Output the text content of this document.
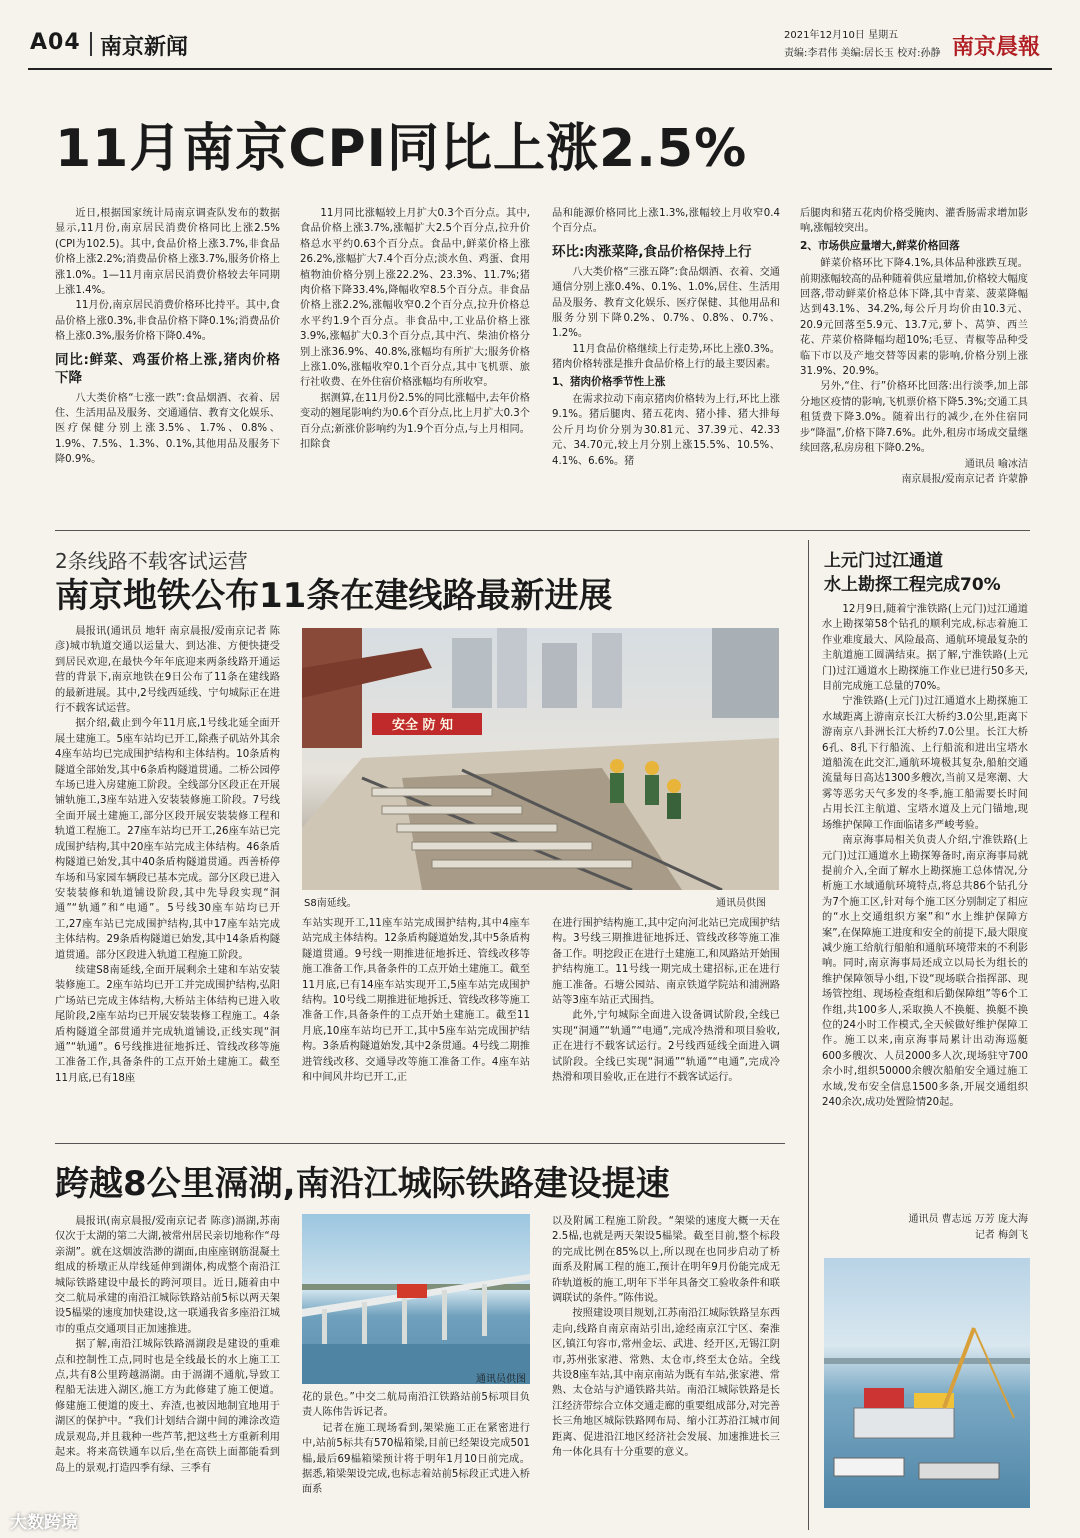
A04 南京新闻	2021年12月10日 星期五
责编:李君伟 美编:居长玉 校对:孙静 南京晨報
11月南京CPI同比上涨2.5%

近日,根据国家统计局南京调查队发布的数据显示,11月份,南京居民消费价格同比上涨2.5%(CPI为102.5)。其中,食品价格上涨3.7%,非食品价格上涨2.2%;消费品价格上涨3.7%,服务价格上涨1.0%。1—11月南京居民消费价格较去年同期上涨1.4%。

11月份,南京居民消费价格环比持平。其中,食品价格上涨0.3%,非食品价格下降0.1%;消费品价格上涨0.3%,服务价格下降0.4%。

同比:鲜菜、鸡蛋价格上涨,猪肉价格下降

八大类价格“七涨一跌”:食品烟酒、衣着、居住、生活用品及服务、交通通信、教育文化娱乐、医疗保健分别上涨3.5%、1.7%、0.8%、1.9%、7.5%、1.3%、0.1%,其他用品及服务下降0.9%。

11月同比涨幅较上月扩大0.3个百分点。其中,食品价格上涨3.7%,涨幅扩大2.5个百分点,拉升价格总水平约0.63个百分点。食品中,鲜菜价格上涨26.2%,涨幅扩大7.4个百分点;淡水鱼、鸡蛋、食用植物油价格分别上涨22.2%、23.3%、11.7%;猪肉价格下降33.4%,降幅收窄8.5个百分点。非食品价格上涨2.2%,涨幅收窄0.2个百分点,拉升价格总水平约1.9个百分点。非食品中,工业品价格上涨3.9%,涨幅扩大0.3个百分点,其中汽、柴油价格分别上涨36.9%、40.8%,涨幅均有所扩大;服务价格上涨1.0%,涨幅收窄0.1个百分点,其中飞机票、旅行社收费、在外住宿价格涨幅均有所收窄。

据测算,在11月份2.5%的同比涨幅中,去年价格变动的翘尾影响约为0.6个百分点,比上月扩大0.3个百分点;新涨价影响约为1.9个百分点,与上月相同。扣除食

品和能源价格同比上涨1.3%,涨幅较上月收窄0.4个百分点。

环比:肉涨菜降,食品价格保持上行

八大类价格“三涨五降”:食品烟酒、衣着、交通通信分别上涨0.4%、0.1%、1.0%,居住、生活用品及服务、教育文化娱乐、医疗保健、其他用品和服务分别下降0.2%、0.7%、0.8%、0.7%、1.2%。

11月食品价格继续上行走势,环比上涨0.3%。猪肉价格转涨是推升食品价格上行的最主要因素。

1、猪肉价格季节性上涨

在需求拉动下南京猪肉价格转为上行,环比上涨9.1%。猪后腿肉、猪五花肉、猪小排、猪大排每公斤月均价分别为30.81元、37.39元、42.33元、34.70元,较上月分别上涨15.5%、10.5%、4.1%、6.6%。猪

后腿肉和猪五花肉价格受腌肉、灌香肠需求增加影响,涨幅较突出。

2、市场供应量增大,鲜菜价格回落

鲜菜价格环比下降4.1%,具体品种涨跌互现。前期涨幅较高的品种随着供应量增加,价格较大幅度回落,带动鲜菜价格总体下降,其中青菜、菠菜降幅达到43.1%、34.2%,每公斤月均价由10.3元、20.9元回落至5.9元、13.7元,萝卜、莴笋、西兰花、芹菜价格降幅均超10%;毛豆、青椒等品种受临下市以及产地交替等因素的影响,价格分别上涨31.9%、20.9%。

另外,“住、行”价格环比回落:出行淡季,加上部分地区疫情的影响,飞机票价格下降5.3%;交通工具租赁费下降3.0%。随着出行的减少,在外住宿同步“降温”,价格下降7.6%。此外,租房市场成交量继续回落,私房房租下降0.2%。

通讯员 喻冰洁
南京晨报/爱南京记者 许蒙静
2条线路不载客试运营
南京地铁公布11条在建线路最新进展

晨报讯(通讯员 地轩 南京晨报/爱南京记者 陈彦)城市轨道交通以运量大、到达准、方便快捷受到居民欢迎,在最快今年年底迎来两条线路开通运营的背景下,南京地铁在9日公布了11条在建线路的最新进展。其中,2号线西延线、宁句城际正在进行不载客试运营。

据介绍,截止到今年11月底,1号线北延全面开展土建施工。5座车站均已开工,除燕子矶站外其余4座车站均已完成围护结构和主体结构。10条盾构隧道全部始发,其中6条盾构隧道贯通。二桥公园停车场已进入房建施工阶段。全线部分区段正在开展铺轨施工,3座车站进入安装装修施工阶段。7号线全面开展土建施工,部分区段开展安装装修工程和轨道工程施工。27座车站均已开工,26座车站已完成围护结构,其中20座车站完成主体结构。46条盾构隧道已始发,其中40条盾构隧道贯通。西善桥停车场和马家园车辆段已基本完成。部分区段已进入安装装修和轨道铺设阶段,其中先导段实现“洞通”“轨通”和“电通”。5号线30座车站均已开工,27座车站已完成围护结构,其中17座车站完成主体结构。29条盾构隧道已始发,其中14条盾构隧道贯通。部分区段进入轨道工程施工阶段。

续建S8南延线,全面开展剩余土建和车站安装装修施工。2座车站均已开工并完成围护结构,弘阳广场站已完成主体结构,大桥站主体结构已进入收尾阶段,2座车站均已开展安装装修工程施工。4条盾构隧道全部贯通并完成轨道铺设,正线实现“洞通”“轨通”。6号线推进征地拆迁、管线改移等施工准备工作,具备条件的工点开始土建施工。截至11月底,已有18座

安全 防 知
S8南延线。	通讯员供图

车站实现开工,11座车站完成围护结构,其中4座车站完成主体结构。12条盾构隧道始发,其中5条盾构隧道贯通。9号线一期推进征地拆迁、管线改移等施工准备工作,具备条件的工点开始土建施工。截至11月底,已有14座车站实现开工,5座车站完成围护结构。10号线二期推进征地拆迁、管线改移等施工准备工作,具备条件的工点开始土建施工。截至11月底,10座车站均已开工,其中5座车站完成围护结构。3条盾构隧道始发,其中2条贯通。4号线二期推进管线改移、交通导改等施工准备工作。4座车站和中间风井均已开工,正

在进行围护结构施工,其中定向河北站已完成围护结构。3号线三期推进征地拆迁、管线改移等施工准备工作。明挖段正在进行土建施工,和凤路站开始围护结构施工。11号线一期完成土建招标,正在进行施工准备。石塘公园站、南京铁道学院站和浦洲路站等3座车站正式围挡。

此外,宁句城际全面进入设备调试阶段,全线已实现“洞通”“轨通”“电通”,完成冷热滑和项目验收,正在进行不载客试运行。2号线西延线全面进入调试阶段。全线已实现“洞通”“轨通”“电通”,完成冷热滑和项目验收,正在进行不载客试运行。

跨越8公里滆湖,南沿江城际铁路建设提速

晨报讯(南京晨报/爱南京记者 陈彦)滆湖,苏南仅次于太湖的第二大湖,被常州居民亲切地称作“母亲湖”。就在这烟波浩渺的湖面,由座座钢筋混凝土组成的桥墩正从岸线延伸到湖体,构成整个南沿江城际铁路建设中最长的跨河项目。近日,随着由中交二航局承建的南沿江城际铁路站前5标以两天架设5榀梁的速度加快建设,这一联通我省多座沿江城市的重点交通项目正加速推进。

据了解,南沿江城际铁路滆湖段是建设的重难点和控制性工点,同时也是全线最长的水上施工工点,共有8公里跨越滆湖。由于滆湖不通航,导致工程船无法进入湖区,施工方为此修建了施工便道。修建施工便道的废土、弃渣,也被因地制宜地用于湖区的保护中。“我们计划结合湖中间的滩涂改造成景观岛,并且栽种一些芦苇,把这些土方重新利用起来。将来高铁通车以后,坐在高铁上面都能看到岛上的景观,打造四季有绿、三季有

通讯员供图

花的景色。”中交二航局南沿江铁路站前5标项目负责人陈伟告诉记者。

记者在施工现场看到,架梁施工正在紧密进行中,站前5标共有570榀箱梁,目前已经架设完成501榀,最后69榀箱梁预计将于明年1月10日前完成。据悉,箱梁架设完成,也标志着站前5标段正式进入桥面系

以及附属工程施工阶段。“架梁的速度大概一天在2.5榀,也就是两天架设5榀梁。截至目前,整个标段的完成比例在85%以上,所以现在也同步启动了桥面系及附属工程的施工,预计在明年9月份能完成无砟轨道板的施工,明年下半年具备交工验收条件和联调联试的条件。”陈伟说。

按照建设项目规划,江苏南沿江城际铁路呈东西走向,线路自南京南站引出,途经南京江宁区、秦淮区,镇江句容市,常州金坛、武进、经开区,无锡江阴市,苏州张家港、常熟、太仓市,终至太仓站。全线共设8座车站,其中南京南站为既有车站,张家港、常熟、太仓站与沪通铁路共站。南沿江城际铁路是长江经济带综合立体交通走廊的重要组成部分,对完善长三角地区城际铁路网布局、缩小江苏沿江城市间距离、促进沿江地区经济社会发展、加速推进长三角一体化具有十分重要的意义。

上元门过江通道
水上勘探工程完成70%

12月9日,随着宁淮铁路(上元门)过江通道水上勘探第58个钻孔的顺利完成,标志着施工作业难度最大、风险最高、通航环境最复杂的主航道施工圆满结束。据了解,宁淮铁路(上元门)过江通道水上勘探施工作业已进行50多天,目前完成施工总量的70%。

宁淮铁路(上元门)过江通道水上勘探施工水域距离上游南京长江大桥约3.0公里,距离下游南京八卦洲长江大桥约7.0公里。长江大桥6孔、8孔下行船流、上行船流和进出宝塔水道船流在此交汇,通航环境极其复杂,船舶交通流量每日高达1300多艘次,当前又是寒潮、大雾等恶劣天气多发的冬季,施工船需要长时间占用长江主航道、宝塔水道及上元门锚地,现场维护保障工作面临诸多严峻考验。

南京海事局相关负责人介绍,宁淮铁路(上元门)过江通道水上勘探筹备时,南京海事局就提前介入,全面了解水上勘探施工总体情况,分析施工水域通航环境特点,将总共86个钻孔分为7个施工区,针对每个施工区分别制定了相应的“水上交通组织方案”和“水上维护保障方案”,在保障施工进度和安全的前提下,最大限度减少施工给航行船舶和通航环境带来的不利影响。同时,南京海事局还成立以局长为组长的维护保障领导小组,下设“现场联合指挥部、现场管控组、现场检查组和后勤保障组”等6个工作组,共100多人,采取换人不换艇、换艇不换位的24小时工作模式,全天候做好维护保障工作。施工以来,南京海事局累计出动海巡艇600多艘次、人员2000多人次,现场驻守700余小时,组织50000余艘次船舶安全通过施工水域,发布安全信息1500多条,开展交通组织240余次,成功处置险情20起。

通讯员 曹志远 万芳 庞大海
记者 梅剑飞
大数跨境
